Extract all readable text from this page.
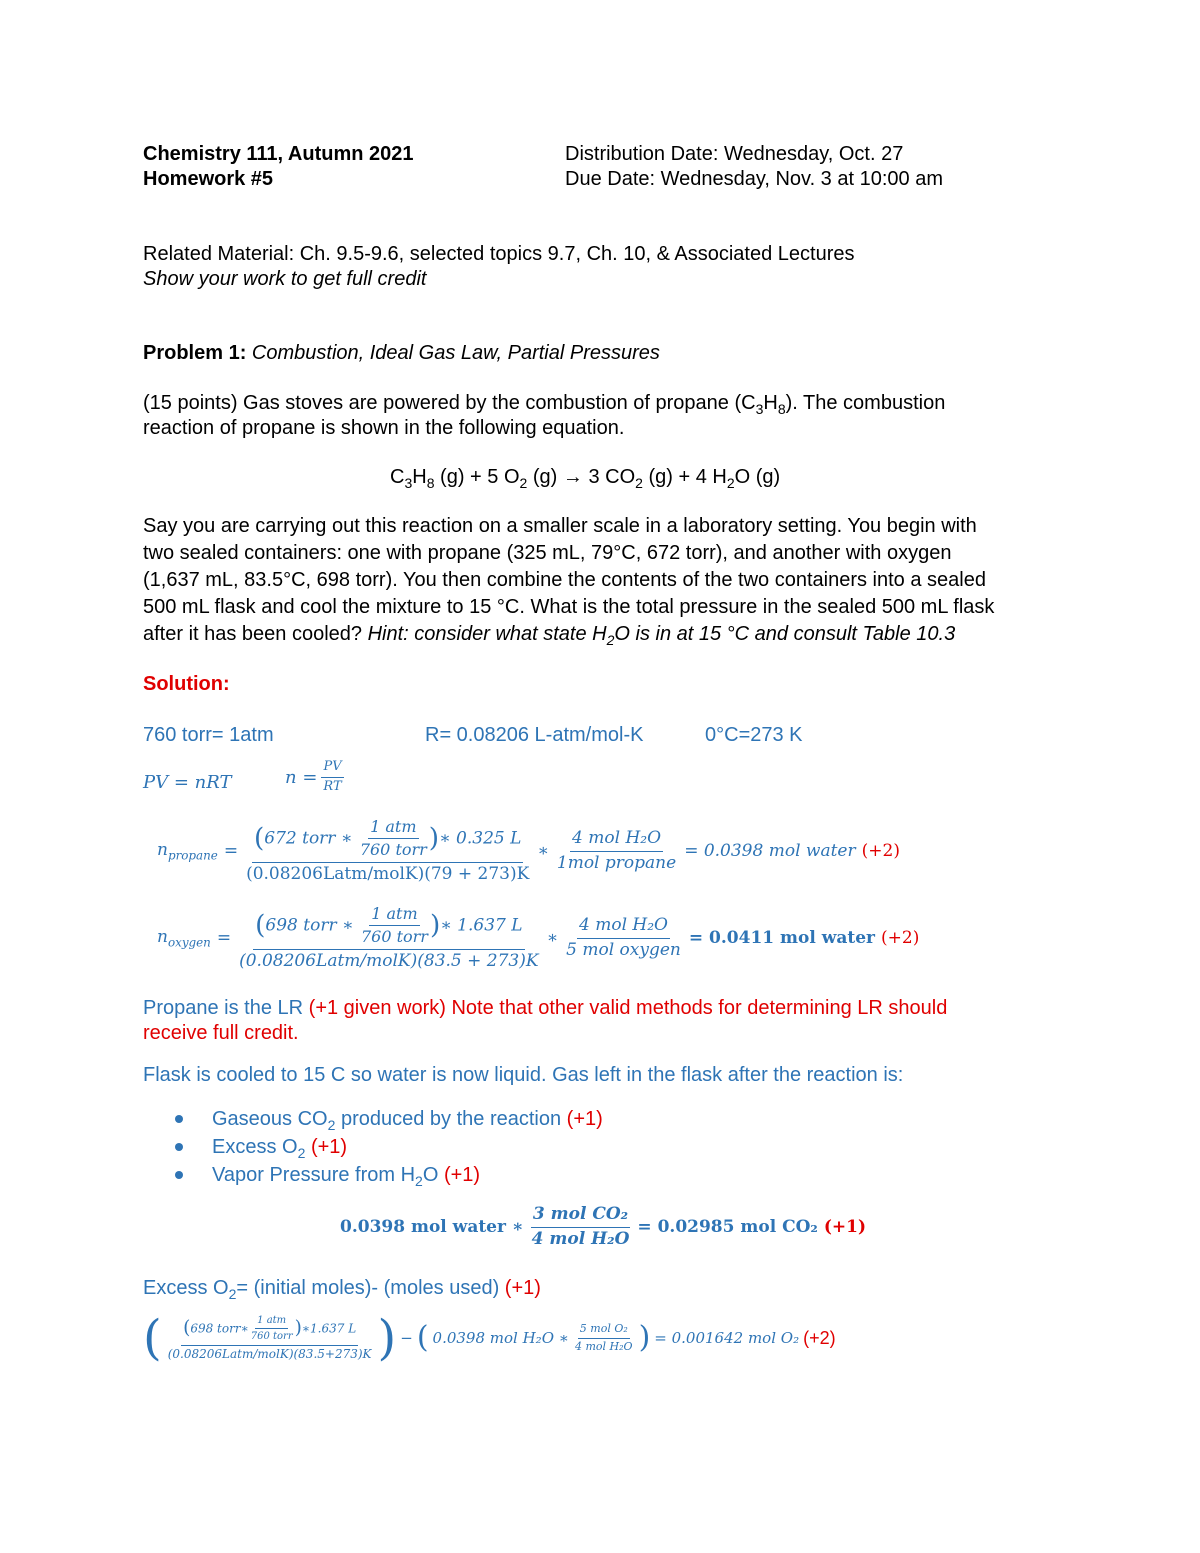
Chemistry 111, Autumn 2021
Homework #5
Distribution Date: Wednesday, Oct. 27
Due Date: Wednesday, Nov. 3 at 10:00 am
Related Material: Ch. 9.5-9.6, selected topics 9.7, Ch. 10, & Associated Lectures
Show your work to get full credit
Problem 1: Combustion, Ideal Gas Law, Partial Pressures
(15 points) Gas stoves are powered by the combustion of propane $(C_3H_8)$. The combustion
reaction of propane is shown in the following equation.
$C_3H_8$ (g) + 5 $O_2$ (g) → 3 $CO_2$ (g) + 4 $H_2O$ (g)
Say you are carrying out this reaction on a smaller scale in a laboratory setting. You begin with
two sealed containers: one with propane (325 mL, 79°C, 672 torr), and another with oxygen
(1,637 mL, 83.5°C, 698 torr). You then combine the contents of the two containers into a sealed
500 mL flask and cool the mixture to 15 °C. What is the total pressure in the sealed 500 mL flask
after it has been cooled? Hint: consider what state $H_2O$ is in at 15 °C and consult Table 10.3
Solution:
760 torr= 1atm	R= 0.08206 L-atm/mol-K	0°C=273 K
PV = nRT	$n = \frac{PV}{RT}$
$n_{propane} = \frac{(672 torr ∗ \frac{\text{1 atm}}{\text{760 torr}} )∗ 0.325 L}{\text{(0.08206Latm/molK)(79 + 273)K}}$ ∗ $\frac{\text{4 mol H₂O}}{\text{1mol propane}} = 0.0398$ mol water (+2)
$n_{oxygen} = \frac{(698 torr ∗ \frac{\text{1 atm}}{\text{760 torr}} )∗ 1.637 L}{\text{(0.08206Latm/molK)(83.5 + 273)K}}$ ∗ $\frac{\text{4 mol H₂O}}{\text{5 mol oxygen}} = 0.0411$ mol water (+2)
Propane is the LR (+1 given work) Note that other valid methods for determining LR should
receive full credit.
Flask is cooled to 15 C so water is now liquid. Gas left in the flask after the reaction is:
Gaseous $CO_2$ produced by the reaction (+1)
Excess $O_2$ (+1)
Vapor Pressure from $H_2O$ (+1)
0.0398 mol water ∗ $\frac{\text{3 mol CO₂}}{\text{4 mol H₂O}} = 0.02985$ mol CO₂ (+1)
Excess $O_2=$ (initial moles)- (moles used) (+1)
( $\frac{(698 torr∗ \frac{\text{1 atm}}{\text{760 torr}} )∗1.637 L}{\text{(0.08206Latm/molK)(83.5+273)K}}$ ) − ( 0.0398 mol H₂O ∗ $\frac{\text{5 mol O₂}}{\text{4 mol H₂O}}$ ) = 0.001642 mol O₂ (+2)
